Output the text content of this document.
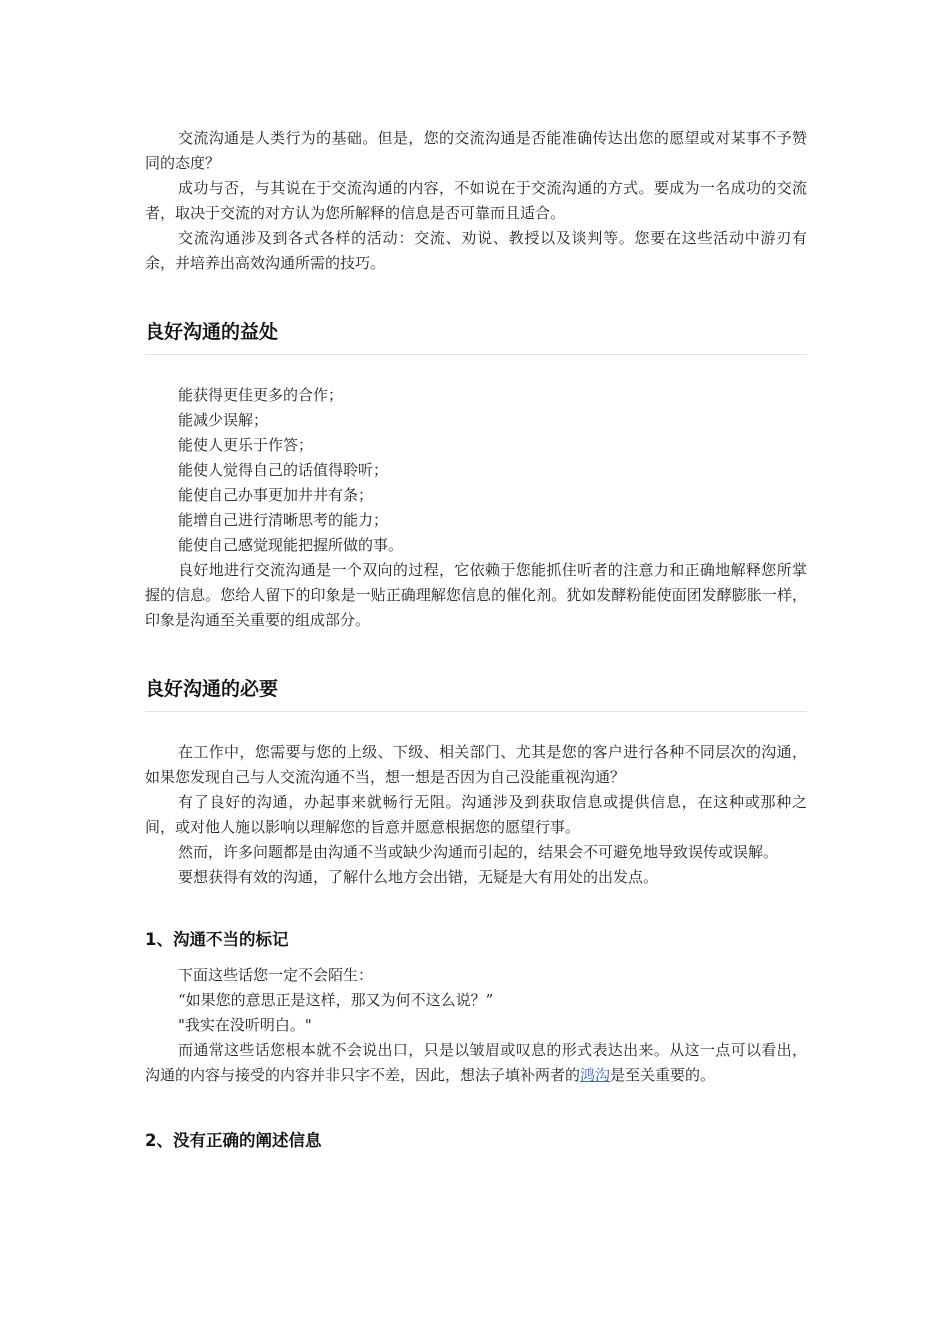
交流沟通是人类行为的基础。但是，您的交流沟通是否能准确传达出您的愿望或对某事不予赞同的态度？

成功与否，与其说在于交流沟通的内容，不如说在于交流沟通的方式。要成为一名成功的交流者，取决于交流的对方认为您所解释的信息是否可靠而且适合。

交流沟通涉及到各式各样的活动：交流、劝说、教授以及谈判等。您要在这些活动中游刃有余，并培养出高效沟通所需的技巧。

良好沟通的益处

能获得更佳更多的合作；

能减少误解；

能使人更乐于作答；

能使人觉得自己的话值得聆听；

能使自己办事更加井井有条；

能增自己进行清晰思考的能力；

能使自己感觉现能把握所做的事。

良好地进行交流沟通是一个双向的过程，它依赖于您能抓住听者的注意力和正确地解释您所掌握的信息。您给人留下的印象是一贴正确理解您信息的催化剂。犹如发酵粉能使面团发酵膨胀一样，印象是沟通至关重要的组成部分。

良好沟通的必要

在工作中，您需要与您的上级、下级、相关部门、尤其是您的客户进行各种不同层次的沟通，如果您发现自己与人交流沟通不当，想一想是否因为自己没能重视沟通？

有了良好的沟通，办起事来就畅行无阻。沟通涉及到获取信息或提供信息，在这种或那种之间，或对他人施以影响以理解您的旨意并愿意根据您的愿望行事。

然而，许多问题都是由沟通不当或缺少沟通而引起的，结果会不可避免地导致误传或误解。

要想获得有效的沟通，了解什么地方会出错，无疑是大有用处的出发点。

1、沟通不当的标记

下面这些话您一定不会陌生：

“如果您的意思正是这样，那又为何不这么说？”

"我实在没听明白。"

而通常这些话您根本就不会说出口，只是以皱眉或叹息的形式表达出来。从这一点可以看出，沟通的内容与接受的内容并非只字不差，因此，想法子填补两者的鸿沟是至关重要的。

2、没有正确的阐述信息
